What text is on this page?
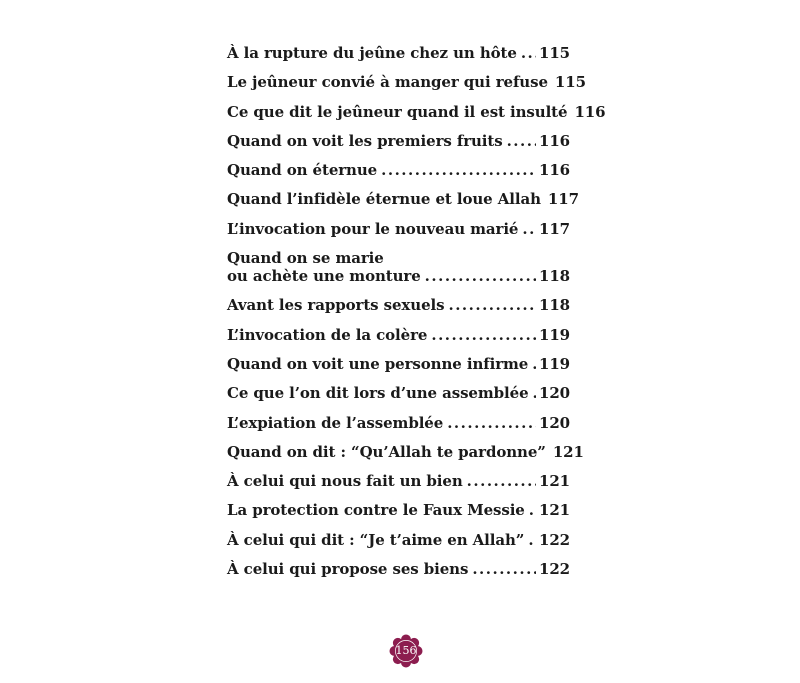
À la rupture du jeûne chez un hôte ..... 115
Le jeûneur convié à manger qui refuse 115
Ce que dit le jeûneur quand il est insulté 116
Quand on voit les premiers fruits ..... 116
Quand on éternue .....	116
Quand l’infidèle éternue et loue Allah 117
L’invocation pour le nouveau marié ..... 117
Quand on se marie
ou achète une monture .....	118
Avant les rapports sexuels .....	118
L’invocation de la colère .....	119
Quand on voit une personne infirme ..... 119
Ce que l’on dit lors d’une assemblée ..... 120
L’expiation de l’assemblée .....	120
Quand on dit : “Qu’Allah te pardonne” 121
À celui qui nous fait un bien .....	121
La protection contre le Faux Messie ..... 121
À celui qui dit : “Je t’aime en Allah” ..... 122
À celui qui propose ses biens .....	122
156
